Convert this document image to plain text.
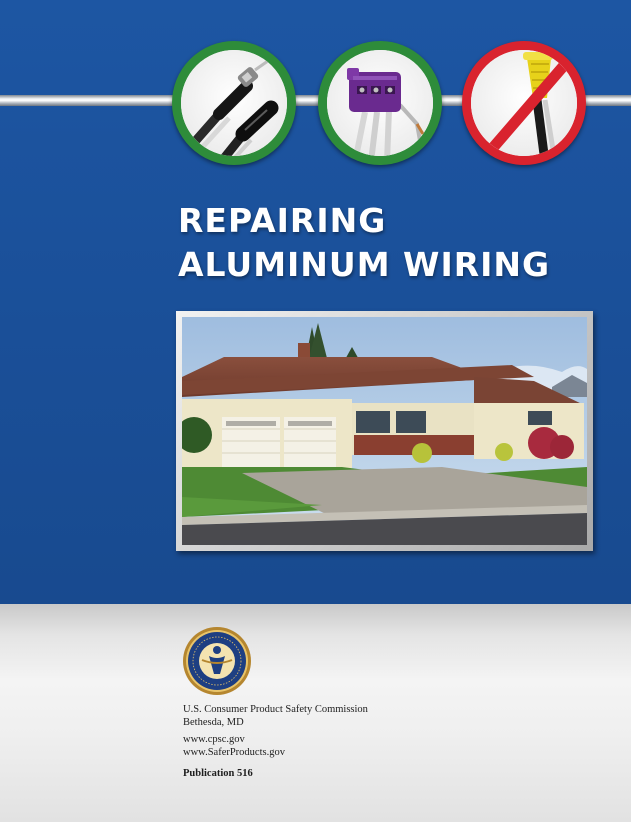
REPAIRING
ALUMINUM WIRING
U.S. Consumer Product Safety Commission
Bethesda, MD
www.cpsc.gov
www.SaferProducts.gov
Publication 516
